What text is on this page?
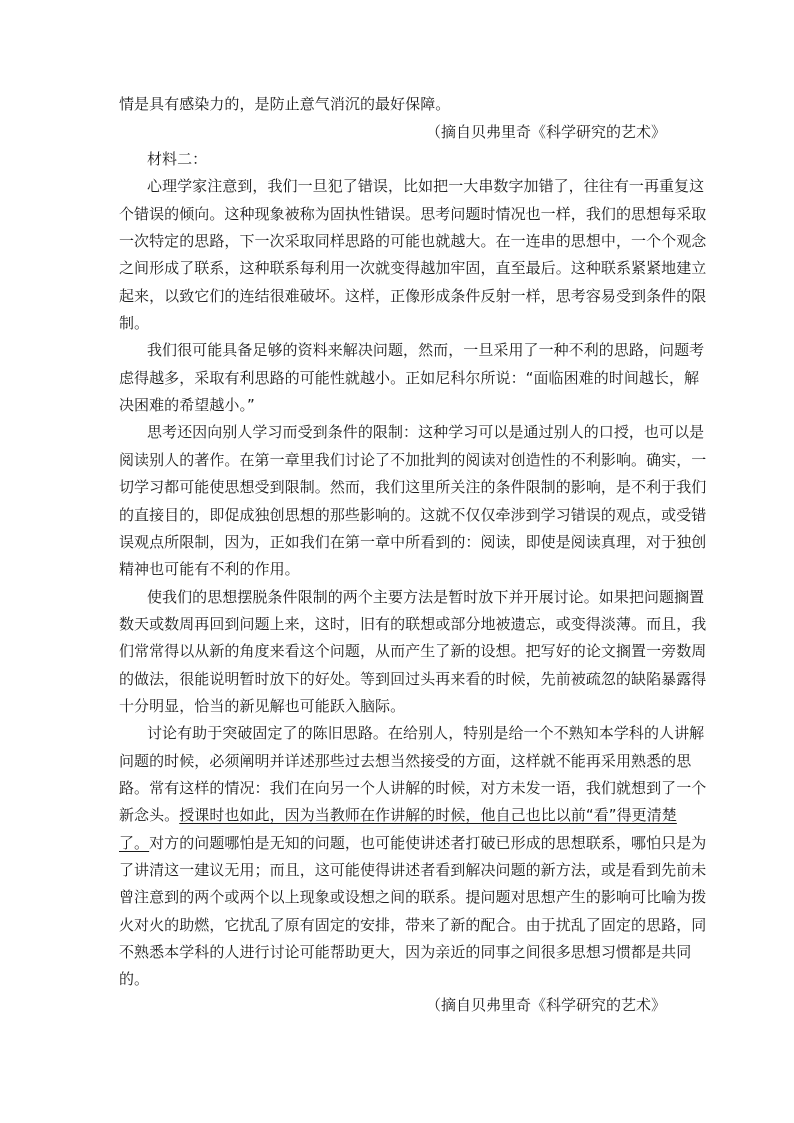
情是具有感染力的，是防止意气消沉的最好保障。
（摘自贝弗里奇《科学研究的艺术》
材料二：
心理学家注意到，我们一旦犯了错误，比如把一大串数字加错了，往往有一再重复这
个错误的倾向。这种现象被称为固执性错误。思考问题时情况也一样，我们的思想每采取
一次特定的思路，下一次采取同样思路的可能也就越大。在一连串的思想中，一个个观念
之间形成了联系，这种联系每利用一次就变得越加牢固，直至最后。这种联系紧紧地建立
起来，以致它们的连结很难破坏。这样，正像形成条件反射一样，思考容易受到条件的限
制。
我们很可能具备足够的资料来解决问题，然而，一旦采用了一种不利的思路，问题考
虑得越多，采取有利思路的可能性就越小。正如尼科尔所说：“面临困难的时间越长，解
决困难的希望越小。”
思考还因向别人学习而受到条件的限制：这种学习可以是通过别人的口授，也可以是
阅读别人的著作。在第一章里我们讨论了不加批判的阅读对创造性的不利影响。确实，一
切学习都可能使思想受到限制。然而，我们这里所关注的条件限制的影响，是不利于我们
的直接目的，即促成独创思想的那些影响的。这就不仅仅牵涉到学习错误的观点，或受错
误观点所限制，因为，正如我们在第一章中所看到的：阅读，即使是阅读真理，对于独创
精神也可能有不利的作用。
使我们的思想摆脱条件限制的两个主要方法是暂时放下并开展讨论。如果把问题搁置
数天或数周再回到问题上来，这时，旧有的联想或部分地被遗忘，或变得淡薄。而且，我
们常常得以从新的角度来看这个问题，从而产生了新的设想。把写好的论文搁置一旁数周
的做法，很能说明暂时放下的好处。等到回过头再来看的时候，先前被疏忽的缺陷暴露得
十分明显，恰当的新见解也可能跃入脑际。
讨论有助于突破固定了的陈旧思路。在给别人，特别是给一个不熟知本学科的人讲解
问题的时候，必须阐明并详述那些过去想当然接受的方面，这样就不能再采用熟悉的思
路。常有这样的情况：我们在向另一个人讲解的时候，对方未发一语，我们就想到了一个
新念头。授课时也如此，因为当教师在作讲解的时候，他自己也比以前“看”得更清楚
了。对方的问题哪怕是无知的问题，也可能使讲述者打破已形成的思想联系，哪怕只是为
了讲清这一建议无用；而且，这可能使得讲述者看到解决问题的新方法，或是看到先前未
曾注意到的两个或两个以上现象或设想之间的联系。提问题对思想产生的影响可比喻为拨
火对火的助燃，它扰乱了原有固定的安排，带来了新的配合。由于扰乱了固定的思路，同
不熟悉本学科的人进行讨论可能帮助更大，因为亲近的同事之间很多思想习惯都是共同
的。
（摘自贝弗里奇《科学研究的艺术》
